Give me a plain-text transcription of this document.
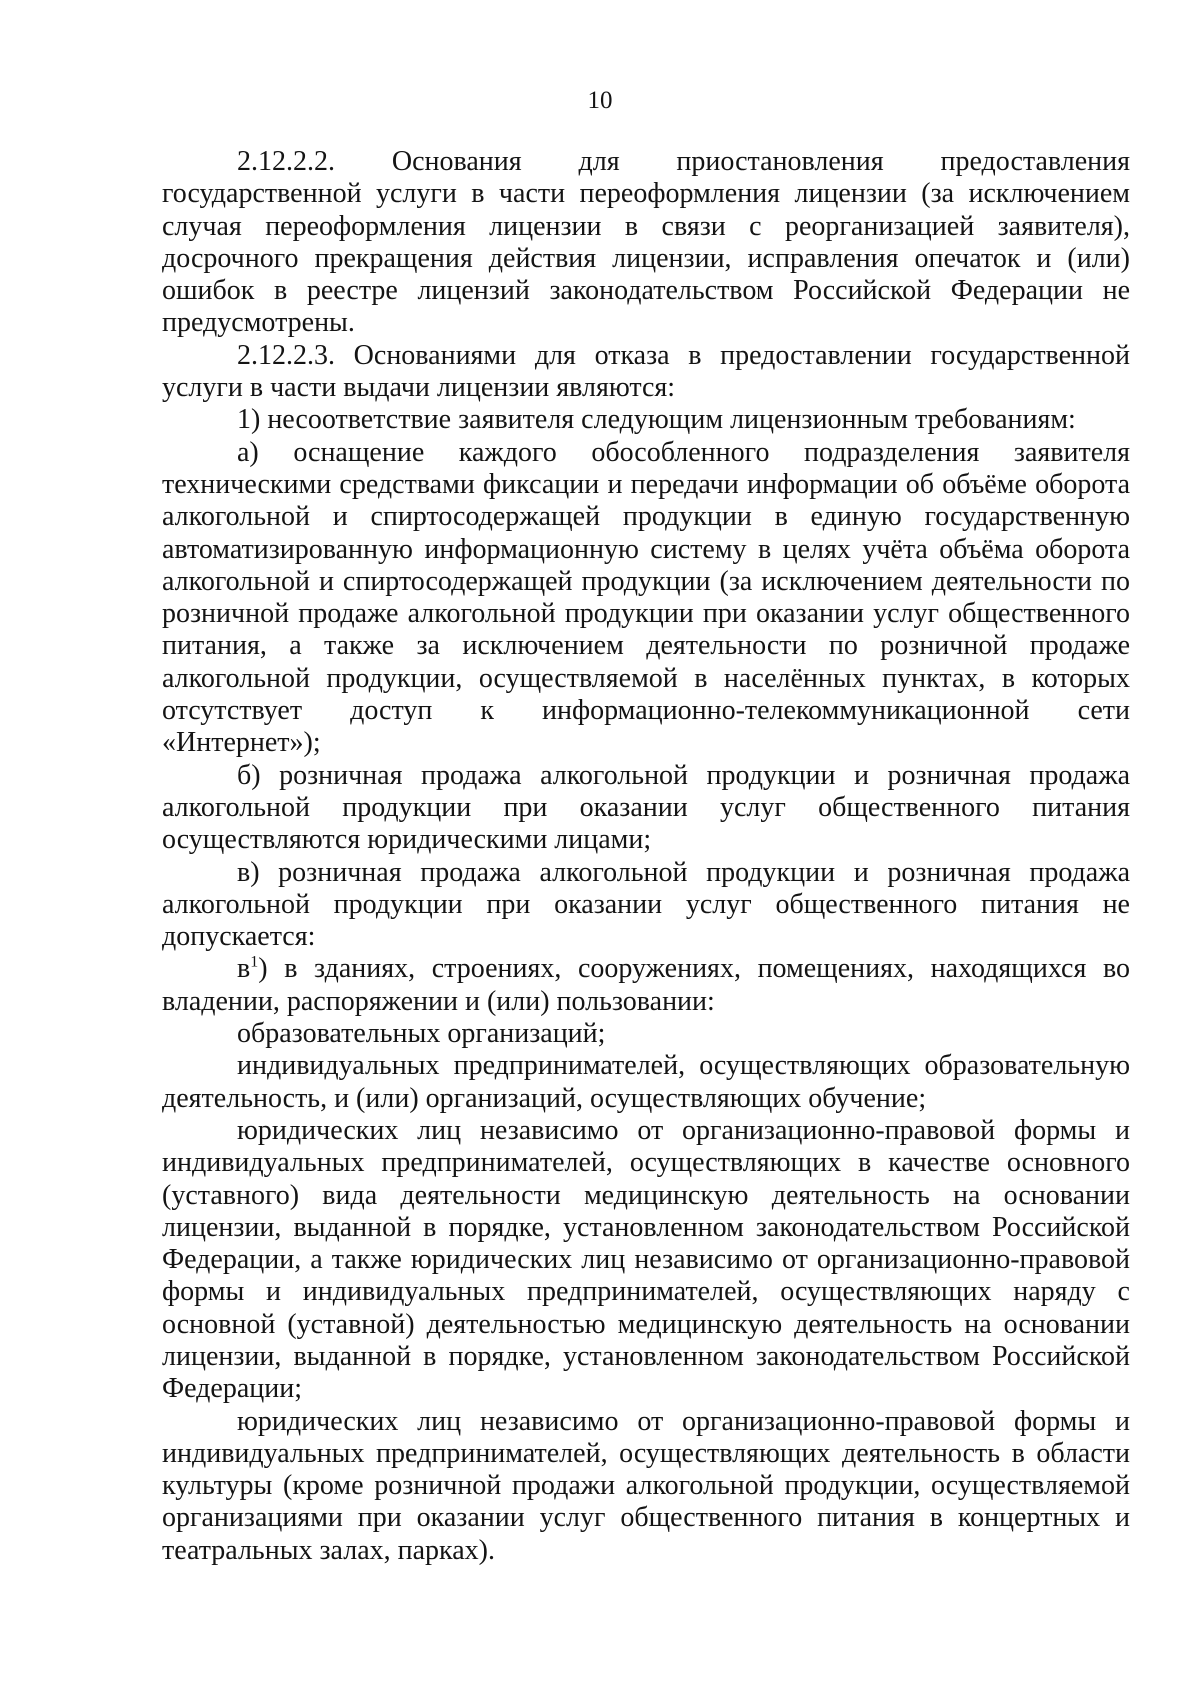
10

2.12.2.2. Основания для приостановления предоставления государственной услуги в части переоформления лицензии (за исключением случая переоформления лицензии в связи с реорганизацией заявителя), досрочного прекращения действия лицензии, исправления опечаток и (или) ошибок в реестре лицензий законодательством Российской Федерации не предусмотрены.

2.12.2.3. Основаниями для отказа в предоставлении государственной услуги в части выдачи лицензии являются:

1) несоответствие заявителя следующим лицензионным требованиям:

а) оснащение каждого обособленного подразделения заявителя техническими средствами фиксации и передачи информации об объёме оборота алкогольной и спиртосодержащей продукции в единую государственную автоматизированную информационную систему в целях учёта объёма оборота алкогольной и спиртосодержащей продукции (за исключением деятельности по розничной продаже алкогольной продукции при оказании услуг общественного питания, а также за исключением деятельности по розничной продаже алкогольной продукции, осуществляемой в населённых пунктах, в которых отсутствует доступ к информационно-телекоммуникационной сети «Интернет»);

б) розничная продажа алкогольной продукции и розничная продажа алкогольной продукции при оказании услуг общественного питания осуществляются юридическими лицами;

в) розничная продажа алкогольной продукции и розничная продажа алкогольной продукции при оказании услуг общественного питания не допускается:

$в^1$) в зданиях, строениях, сооружениях, помещениях, находящихся во владении, распоряжении и (или) пользовании:

образовательных организаций;

индивидуальных предпринимателей, осуществляющих образовательную деятельность, и (или) организаций, осуществляющих обучение;

юридических лиц независимо от организационно-правовой формы и индивидуальных предпринимателей, осуществляющих в качестве основного (уставного) вида деятельности медицинскую деятельность на основании лицензии, выданной в порядке, установленном законодательством Российской Федерации, а также юридических лиц независимо от организационно-правовой формы и индивидуальных предпринимателей, осуществляющих наряду с основной (уставной) деятельностью медицинскую деятельность на основании лицензии, выданной в порядке, установленном законодательством Российской Федерации;

юридических лиц независимо от организационно-правовой формы и индивидуальных предпринимателей, осуществляющих деятельность в области культуры (кроме розничной продажи алкогольной продукции, осуществляемой организациями при оказании услуг общественного питания в концертных и театральных залах, парках).
